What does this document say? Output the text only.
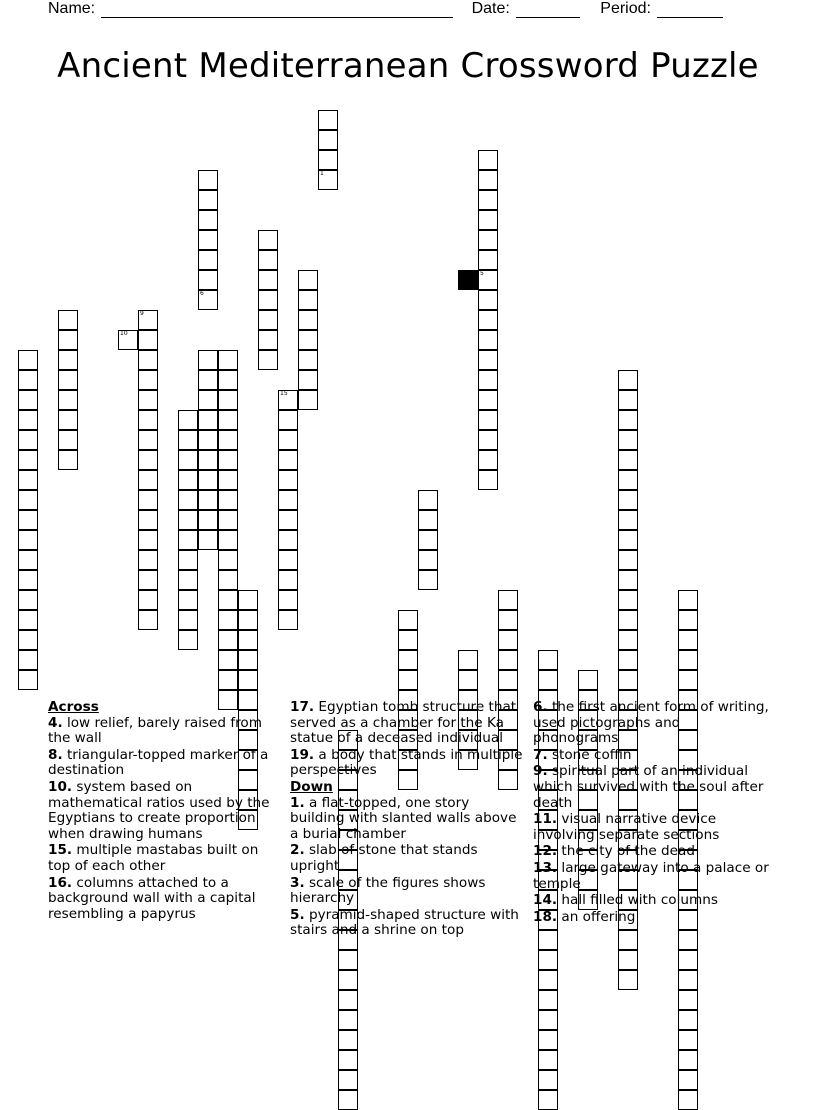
Name:	Date:	Period:
Ancient Mediterranean Crossword Puzzle
6
1
5
9
10
15
Across
4. low relief, barely raised from the wall
8. triangular-topped marker of a destination
10. system based on mathematical ratios used by the Egyptians to create proportion when drawing humans
15. multiple mastabas built on top of each other
16. columns attached to a background wall with a capital resembling a papyrus
17. Egyptian tomb structure that served as a chamber for the Ka statue of a deceased individual
19. a body that stands in multiple perspectives
Down
1. a flat-topped, one story building with slanted walls above a burial chamber
2. slab of stone that stands upright
3. scale of the figures shows hierarchy
5. pyramid-shaped structure with stairs and a shrine on top
6. the first ancient form of writing, used pictographs and phonograms
7. stone coffin
9. spiritual part of an individual which survived with the soul after death
11. visual narrative device involving separate sections
12. the city of the dead
13. large gateway into a palace or temple
14. hall filled with columns
18. an offering
